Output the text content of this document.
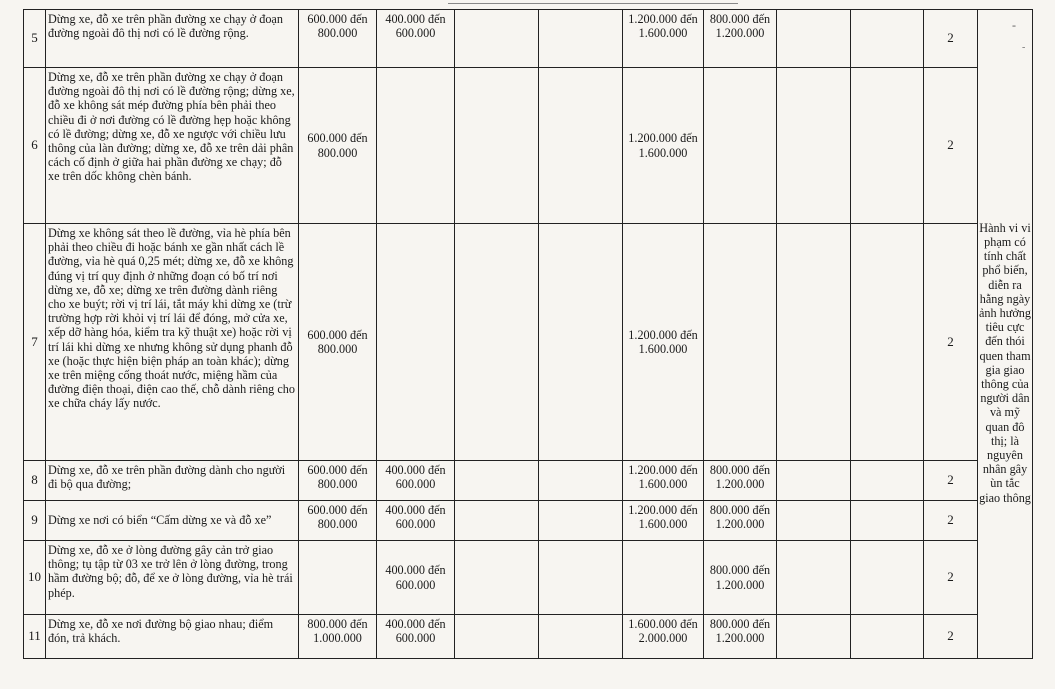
-
-
5	Dừng xe, đỗ xe trên phần đường xe chạy ở đoạn đường ngoài đô thị nơi có lề đường rộng.	600.000 đến 800.000	400.000 đến 600.000			1.200.000 đến 1.600.000	800.000 đến 1.200.000			2	
6	Dừng xe, đỗ xe trên phần đường xe chạy ở đoạn đường ngoài đô thị nơi có lề đường rộng; dừng xe, đỗ xe không sát mép đường phía bên phải theo chiều đi ở nơi đường có lề đường hẹp hoặc không có lề đường; dừng xe, đỗ xe ngược với chiều lưu thông của làn đường; dừng xe, đỗ xe trên dải phân cách cố định ở giữa hai phần đường xe chạy; đỗ xe trên dốc không chèn bánh.	600.000 đến 800.000				1.200.000 đến 1.600.000				2	Hành vi vi phạm có tính chất phổ biến, diễn ra hằng ngày ảnh hưởng tiêu cực đến thói quen tham gia giao thông của người dân và mỹ quan đô thị; là nguyên nhân gây ùn tắc giao thông
7	Dừng xe không sát theo lề đường, vỉa hè phía bên phải theo chiều đi hoặc bánh xe gần nhất cách lề đường, vỉa hè quá 0,25 mét; dừng xe, đỗ xe không đúng vị trí quy định ở những đoạn có bố trí nơi dừng xe, đỗ xe; dừng xe trên đường dành riêng cho xe buýt; rời vị trí lái, tắt máy khi dừng xe (trừ trường hợp rời khỏi vị trí lái để đóng, mở cửa xe, xếp dỡ hàng hóa, kiểm tra kỹ thuật xe) hoặc rời vị trí lái khi dừng xe nhưng không sử dụng phanh đỗ xe (hoặc thực hiện biện pháp an toàn khác); dừng xe trên miệng cống thoát nước, miệng hầm của đường điện thoại, điện cao thế, chỗ dành riêng cho xe chữa cháy lấy nước.	600.000 đến 800.000				1.200.000 đến 1.600.000				2	
8	Dừng xe, đỗ xe trên phần đường dành cho người đi bộ qua đường;	600.000 đến 800.000	400.000 đến 600.000			1.200.000 đến 1.600.000	800.000 đến 1.200.000			2	
9	Dừng xe nơi có biển “Cấm dừng xe và đỗ xe”	600.000 đến 800.000	400.000 đến 600.000			1.200.000 đến 1.600.000	800.000 đến 1.200.000			2	
10	Dừng xe, đỗ xe ở lòng đường gây cản trở giao thông; tụ tập từ 03 xe trở lên ở lòng đường, trong hầm đường bộ; đỗ, để xe ở lòng đường, vỉa hè trái phép.		400.000 đến 600.000				800.000 đến 1.200.000			2	
11	Dừng xe, đỗ xe nơi đường bộ giao nhau; điểm đón, trả khách.	800.000 đến 1.000.000	400.000 đến 600.000			1.600.000 đến 2.000.000	800.000 đến 1.200.000			2	
